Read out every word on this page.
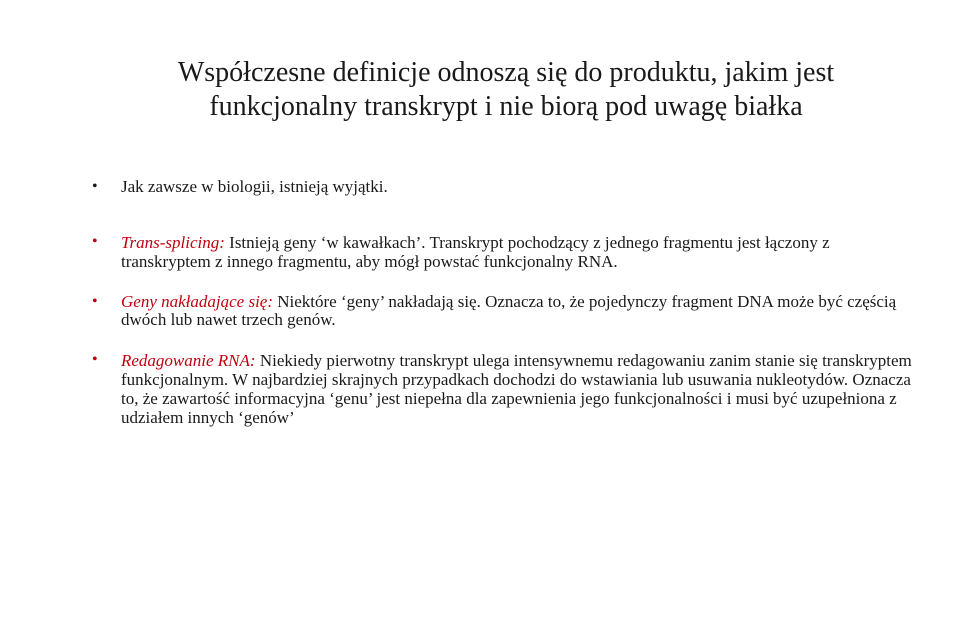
Współczesne definicje odnoszą się do produktu, jakim jest funkcjonalny transkrypt i nie biorą pod uwagę białka
• Jak zawsze w biologii, istnieją wyjątki.
• Trans-splicing: Istnieją geny ‘w kawałkach’. Transkrypt pochodzący z jednego fragmentu jest łączony z transkryptem z innego fragmentu, aby mógł powstać funkcjonalny RNA.
• Geny nakładające się: Niektóre ‘geny’ nakładają się. Oznacza to, że pojedynczy fragment DNA może być częścią dwóch lub nawet trzech genów.
• Redagowanie RNA: Niekiedy pierwotny transkrypt ulega intensywnemu redagowaniu zanim stanie się transkryptem funkcjonalnym. W najbardziej skrajnych przypadkach dochodzi do wstawiania lub usuwania nukleotydów. Oznacza to, że zawartość informacyjna ‘genu’ jest niepełna dla zapewnienia jego funkcjonalności i musi być uzupełniona z udziałem innych ‘genów’
